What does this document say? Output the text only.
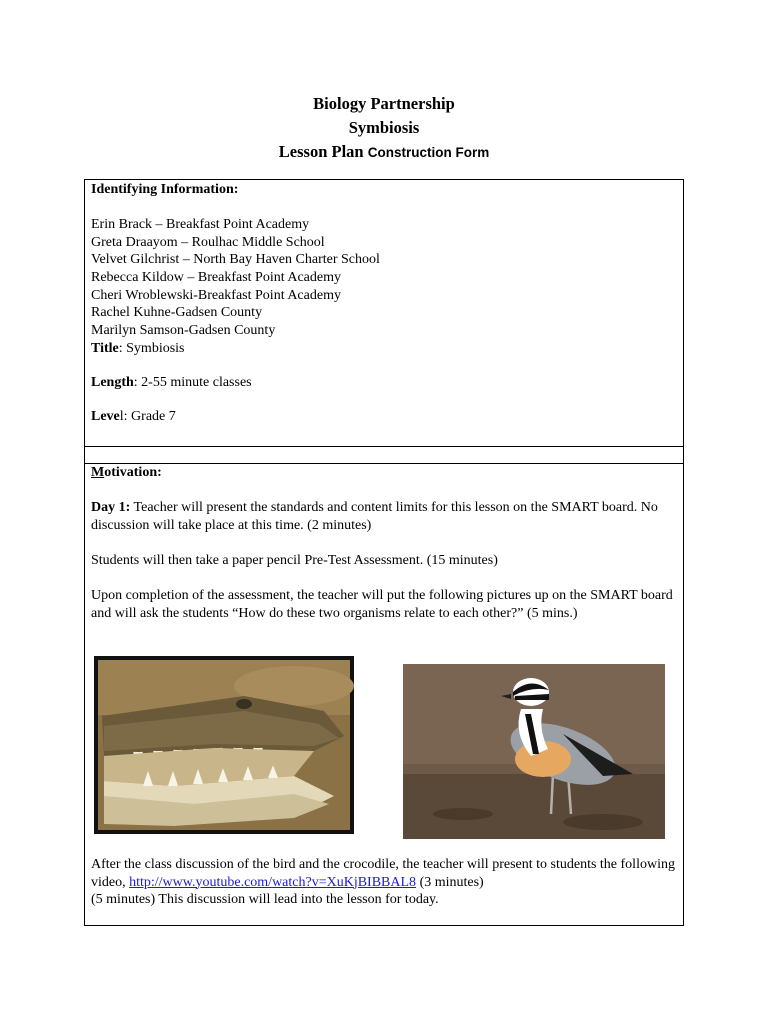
Biology Partnership
Symbiosis
Lesson Plan Construction Form
Identifying Information:
Erin Brack – Breakfast Point Academy
Greta Draayom – Roulhac Middle School
Velvet Gilchrist – North Bay Haven Charter School
Rebecca Kildow – Breakfast Point Academy
Cheri Wroblewski-Breakfast Point Academy
Rachel Kuhne-Gadsen County
Marilyn Samson-Gadsen County
Title: Symbiosis
Length: 2-55 minute classes
Level: Grade 7
Motivation:
Day 1: Teacher will present the standards and content limits for this lesson on the SMART board. No discussion will take place at this time. (2 minutes)
Students will then take a paper pencil Pre-Test Assessment. (15 minutes)
Upon completion of the assessment, the teacher will put the following pictures up on the SMART board and will ask the students “How do these two organisms relate to each other?” (5 mins.)
After the class discussion of the bird and the crocodile, the teacher will present to students the following video, http://www.youtube.com/watch?v=XuKjBIBBAL8 (3 minutes)
(5 minutes) This discussion will lead into the lesson for today.
